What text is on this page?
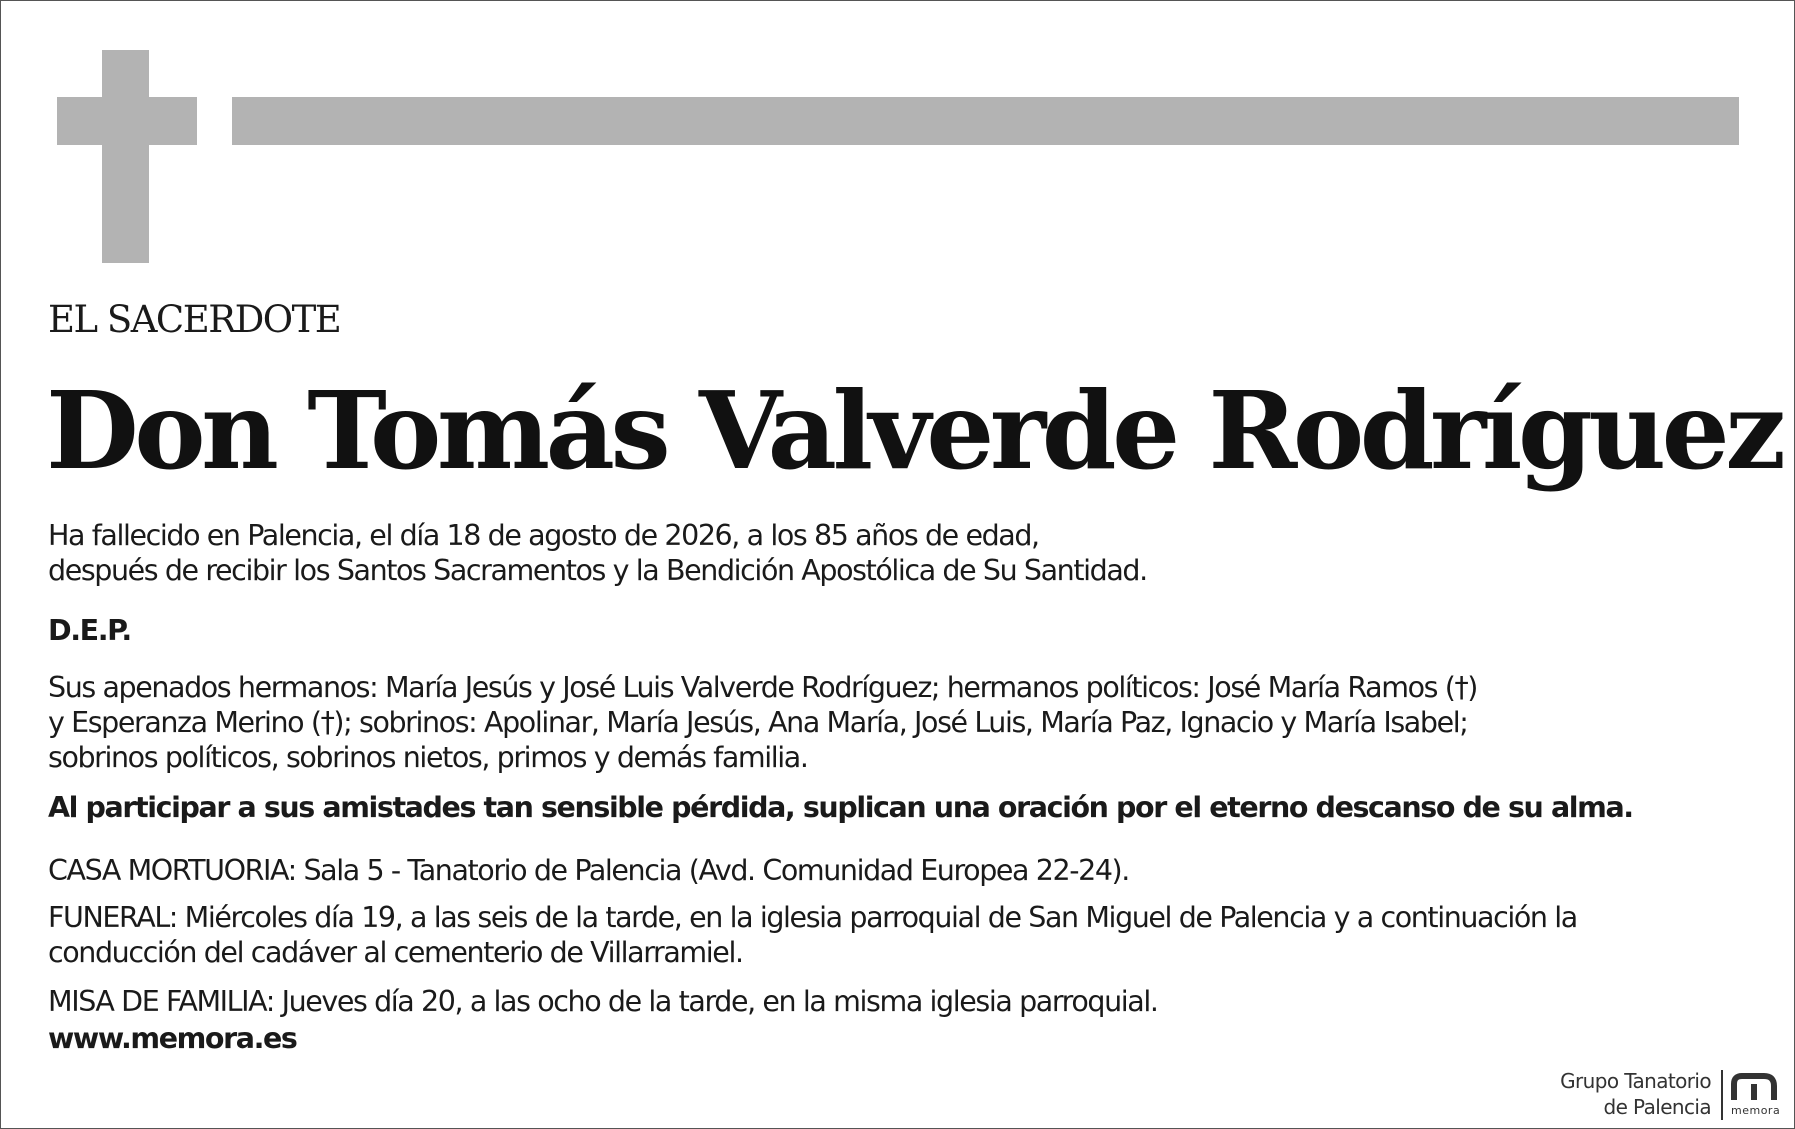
EL SACERDOTE
Don Tomás Valverde Rodríguez
Ha fallecido en Palencia, el día 18 de agosto de 2026, a los 85 años de edad,
después de recibir los Santos Sacramentos y la Bendición Apostólica de Su Santidad.
D.E.P.
Sus apenados hermanos: María Jesús y José Luis Valverde Rodríguez; hermanos políticos: José María Ramos (†)
y Esperanza Merino (†); sobrinos: Apolinar, María Jesús, Ana María, José Luis, María Paz, Ignacio y María Isabel;
sobrinos políticos, sobrinos nietos, primos y demás familia.
Al participar a sus amistades tan sensible pérdida, suplican una oración por el eterno descanso de su alma.
CASA MORTUORIA: Sala 5 - Tanatorio de Palencia (Avd. Comunidad Europea 22-24).
FUNERAL: Miércoles día 19, a las seis de la tarde, en la iglesia parroquial de San Miguel de Palencia y a continuación la
conducción del cadáver al cementerio de Villarramiel.
MISA DE FAMILIA: Jueves día 20, a las ocho de la tarde, en la misma iglesia parroquial.
www.memora.es
Grupo Tanatorio
de Palencia memora
